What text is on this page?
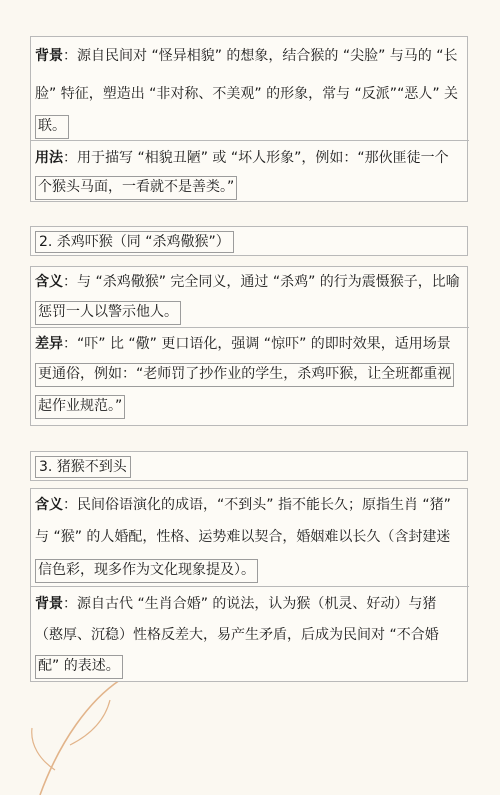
背景：源自民间对 “怪异相貌” 的想象，结合猴的 “尖脸” 与马的 “长
脸” 特征，塑造出 “非对称、不美观” 的形象，常与 “反派”“恶人” 关
联。
用法：用于描写 “相貌丑陋” 或 “坏人形象”，例如：“那伙匪徒一个
个猴头马面，一看就不是善类。”
2. 杀鸡吓猴（同 “杀鸡儆猴”）
含义：与 “杀鸡儆猴” 完全同义，通过 “杀鸡” 的行为震慑猴子，比喻
惩罚一人以警示他人。
差异：“吓” 比 “儆” 更口语化，强调 “惊吓” 的即时效果，适用场景
更通俗，例如：“老师罚了抄作业的学生，杀鸡吓猴，让全班都重视
起作业规范。”
3. 猪猴不到头
含义：民间俗语演化的成语，“不到头” 指不能长久；原指生肖 “猪”
与 “猴” 的人婚配，性格、运势难以契合，婚姻难以长久（含封建迷
信色彩，现多作为文化现象提及）。
背景：源自古代 “生肖合婚” 的说法，认为猴（机灵、好动）与猪
（憨厚、沉稳）性格反差大，易产生矛盾，后成为民间对 “不合婚
配” 的表述。
